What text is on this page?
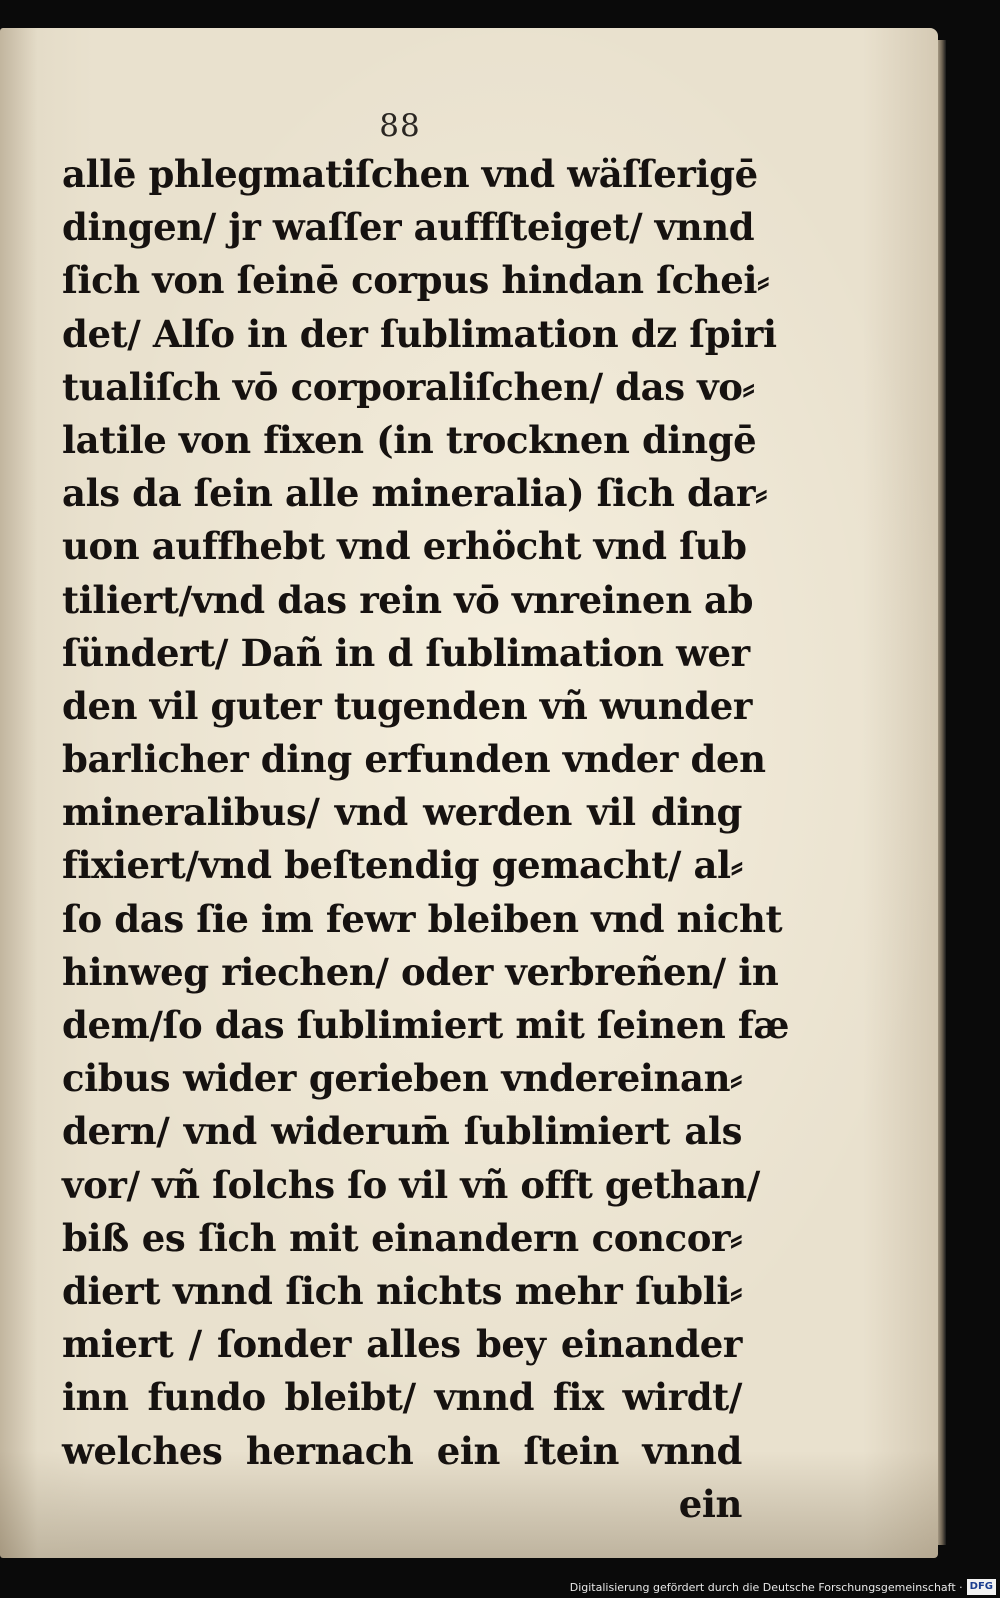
88
allē phlegmatiſchen vnd wäſſerigē
dingen/ jr waſſer auffſteiget/ vnnd
ſich von ſeinē corpus hindan ſchei⸗
det/ Alſo in der ſublimation dz ſpiri
tualiſch vō corporaliſchen/ das vo⸗
latile von fixen (in trocknen dingē
als da ſein alle mineralia) ſich dar⸗
uon auffhebt vnd erhöcht vnd ſub
tiliert/vnd das rein vō vnreinen ab
ſündert/ Dañ in d ſublimation wer
den vil guter tugenden vñ wunder
barlicher ding erfunden vnder den
mineralibus/ vnd werden vil ding
fixiert/vnd beſtendig gemacht/ al⸗
ſo das ſie im fewr bleiben vnd nicht
hinweg riechen/ oder verbreñen/ in
dem/ſo das ſublimiert mit ſeinen fæ
cibus wider gerieben vndereinan⸗
dern/ vnd widerum̄ ſublimiert als
vor/ vñ ſolchs ſo vil vñ offt gethan/
biß es ſich mit einandern concor⸗
diert vnnd ſich nichts mehr ſubli⸗
miert / ſonder alles bey einander
inn fundo bleibt/ vnnd fix wirdt/
welches hernach ein ſtein vnnd
ein
Digitalisierung gefördert durch die Deutsche Forschungsgemeinschaft · DFG
